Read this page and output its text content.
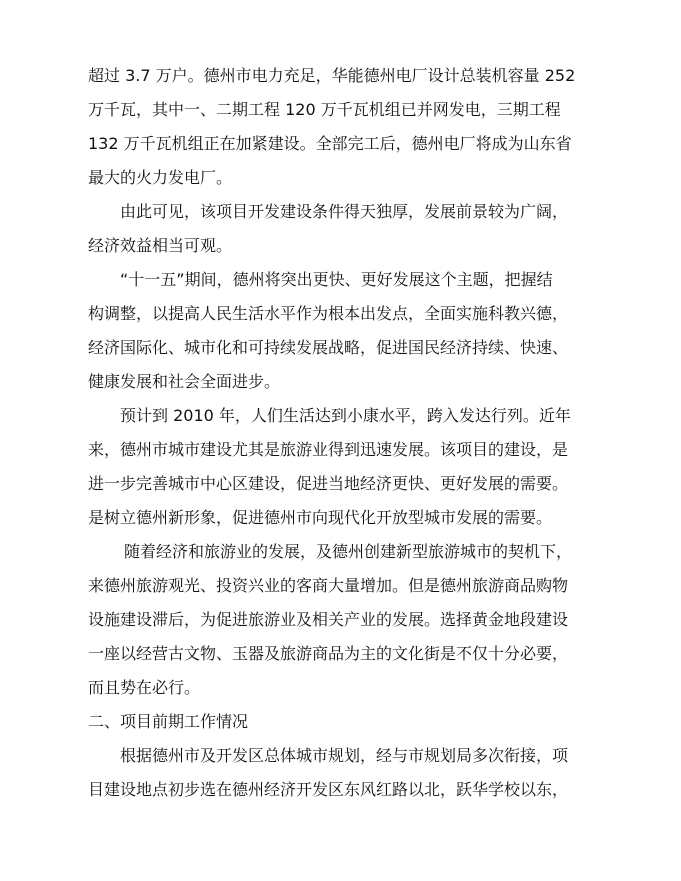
超过 3.7 万户。德州市电力充足，华能德州电厂设计总装机容量 252
万千瓦，其中一、二期工程 120 万千瓦机组已并网发电，三期工程
132 万千瓦机组正在加紧建设。全部完工后，德州电厂将成为山东省
最大的火力发电厂。
由此可见，该项目开发建设条件得天独厚，发展前景较为广阔，
经济效益相当可观。
“十一五”期间，德州将突出更快、更好发展这个主题，把握结
构调整，以提高人民生活水平作为根本出发点，全面实施科教兴德，
经济国际化、城市化和可持续发展战略，促进国民经济持续、快速、
健康发展和社会全面进步。
预计到 2010 年，人们生活达到小康水平，跨入发达行列。近年
来，德州市城市建设尤其是旅游业得到迅速发展。该项目的建设，是
进一步完善城市中心区建设，促进当地经济更快、更好发展的需要。
是树立德州新形象，促进德州市向现代化开放型城市发展的需要。
随着经济和旅游业的发展，及德州创建新型旅游城市的契机下，
来德州旅游观光、投资兴业的客商大量增加。但是德州旅游商品购物
设施建设滞后，为促进旅游业及相关产业的发展。选择黄金地段建设
一座以经营古文物、玉器及旅游商品为主的文化街是不仅十分必要，
而且势在必行。
二、项目前期工作情况
根据德州市及开发区总体城市规划，经与市规划局多次衔接，项
目建设地点初步选在德州经济开发区东风红路以北，跃华学校以东，
